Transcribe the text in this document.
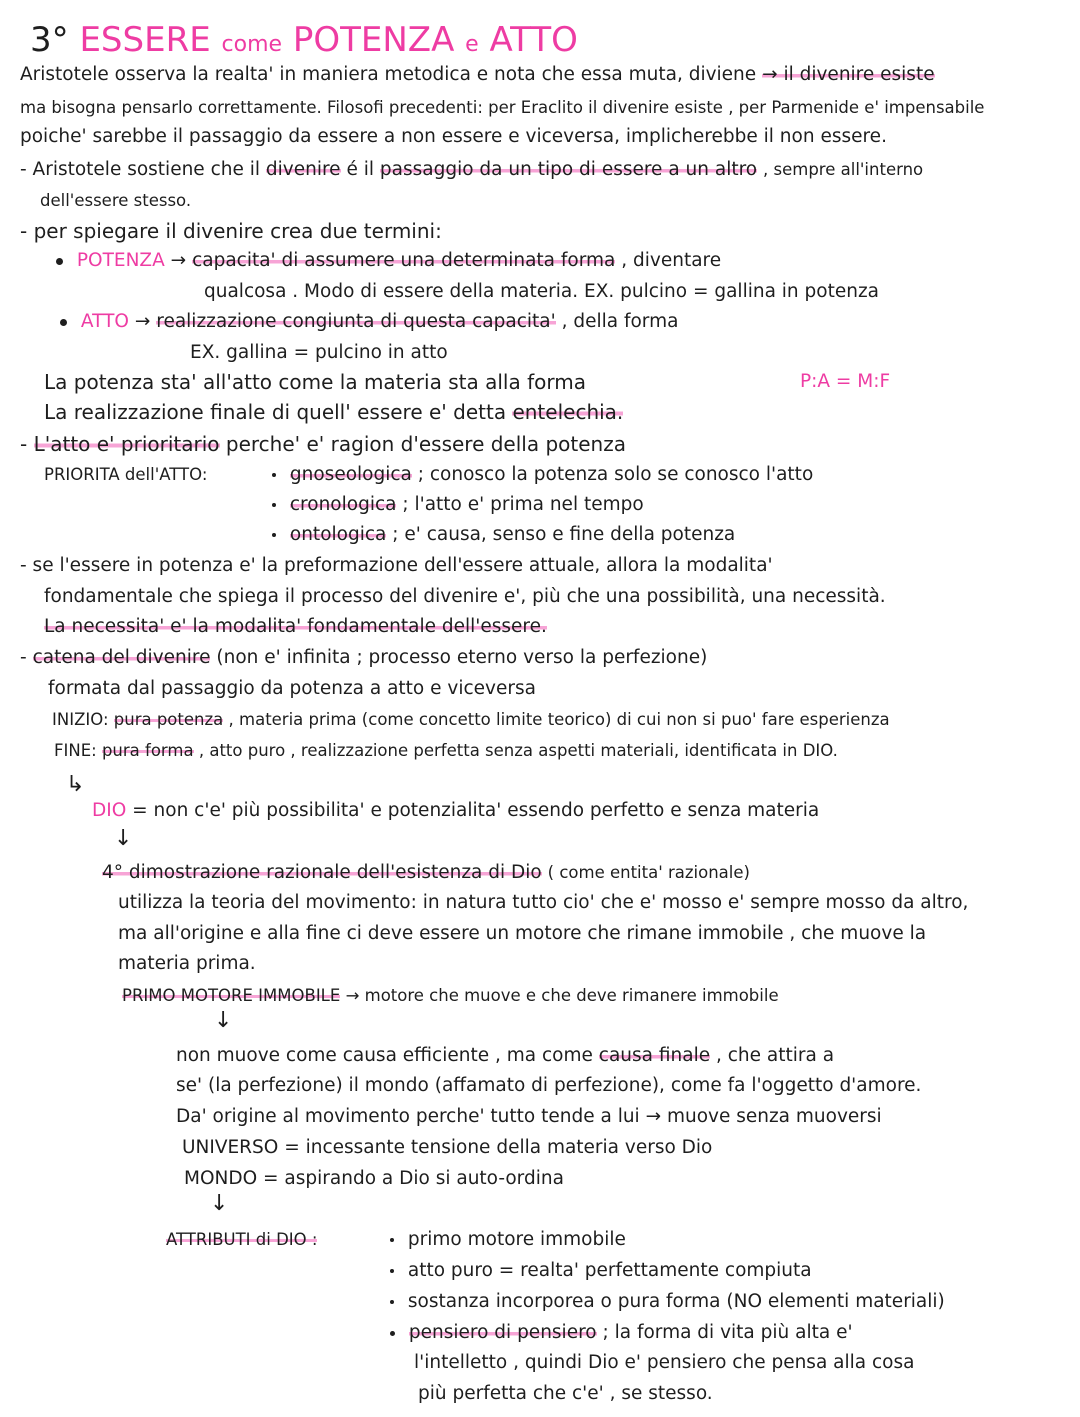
3° ESSERE come POTENZA e ATTO
Aristotele osserva la realta' in maniera metodica e nota che essa muta, diviene → il divenire esiste
ma bisogna pensarlo correttamente. Filosofi precedenti: per Eraclito il divenire esiste , per Parmenide e' impensabile
poiche' sarebbe il passaggio da essere a non essere e viceversa, implicherebbe il non essere.
- Aristotele sostiene che il divenire é il passaggio da un tipo di essere a un altro , sempre all'interno
dell'essere stesso.
- per spiegare il divenire crea due termini:
POTENZA → capacita' di assumere una determinata forma , diventare
qualcosa . Modo di essere della materia. EX. pulcino = gallina in potenza
ATTO → realizzazione congiunta di questa capacita' , della forma
EX. gallina = pulcino in atto
La potenza sta' all'atto come la materia sta alla forma	P:A = M:F
La realizzazione finale di quell' essere e' detta entelechia.
- L'atto e' prioritario perche' e' ragion d'essere della potenza
PRIORITA dell'ATTO:	gnoseologica ; conosco la potenza solo se conosco l'atto
cronologica ; l'atto e' prima nel tempo
ontologica ; e' causa, senso e fine della potenza
- se l'essere in potenza e' la preformazione dell'essere attuale, allora la modalita'
fondamentale che spiega il processo del divenire e', più che una possibilità, una necessità.
La necessita' e' la modalita' fondamentale dell'essere.
- catena del divenire (non e' infinita ; processo eterno verso la perfezione)
formata dal passaggio da potenza a atto e viceversa
INIZIO: pura potenza , materia prima (come concetto limite teorico) di cui non si puo' fare esperienza
FINE: pura forma , atto puro , realizzazione perfetta senza aspetti materiali, identificata in DIO.
↳
DIO = non c'e' più possibilita' e potenzialita' essendo perfetto e senza materia
↓
4° dimostrazione razionale dell'esistenza di Dio ( come entita' razionale)
utilizza la teoria del movimento: in natura tutto cio' che e' mosso e' sempre mosso da altro,
ma all'origine e alla fine ci deve essere un motore che rimane immobile , che muove la
materia prima.
PRIMO MOTORE IMMOBILE → motore che muove e che deve rimanere immobile
↓
non muove come causa efficiente , ma come causa finale , che attira a
se' (la perfezione) il mondo (affamato di perfezione), come fa l'oggetto d'amore.
Da' origine al movimento perche' tutto tende a lui → muove senza muoversi
UNIVERSO = incessante tensione della materia verso Dio
MONDO = aspirando a Dio si auto-ordina
↓
ATTRIBUTI di DIO :	primo motore immobile
atto puro = realta' perfettamente compiuta
sostanza incorporea o pura forma (NO elementi materiali)
pensiero di pensiero ; la forma di vita più alta e'
l'intelletto , quindi Dio e' pensiero che pensa alla cosa
più perfetta che c'e' , se stesso.
